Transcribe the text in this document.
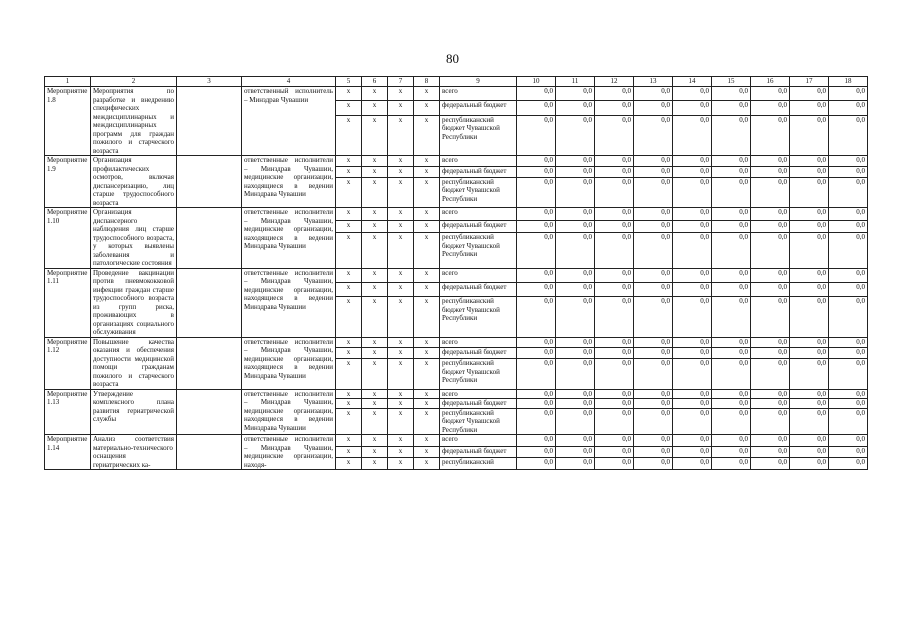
80
1	2	3	4	5	6	7	8	9	10	11	12	13	14	15	16	17	18
Мероприятие 1.8	Мероприятия по разработке и внедрению специфических междисциплинарных и междисциплинарных программ для граждан пожилого и старческого возраста		ответственный исполнитель – Минздрав Чувашии	x	x	x	x	всего	0,0	0,0	0,0	0,0	0,0	0,0	0,0	0,0	0,0
				x	x	x	x	федеральный бюджет	0,0	0,0	0,0	0,0	0,0	0,0	0,0	0,0	0,0
				x	x	x	x	республиканский бюджет Чувашской Республики	0,0	0,0	0,0	0,0	0,0	0,0	0,0	0,0	0,0
Мероприятие 1.9	Организация профилактических осмотров, включая диспансеризацию, лиц старше трудоспособного возраста		ответственные исполнители – Минздрав Чувашии, медицинские организации, находящиеся в ведении Минздрава Чувашии	x	x	x	x	всего	0,0	0,0	0,0	0,0	0,0	0,0	0,0	0,0	0,0
				x	x	x	x	федеральный бюджет	0,0	0,0	0,0	0,0	0,0	0,0	0,0	0,0	0,0
				x	x	x	x	республиканский бюджет Чувашской Республики	0,0	0,0	0,0	0,0	0,0	0,0	0,0	0,0	0,0
Мероприятие 1.10	Организация диспансерного наблюдения лиц старше трудоспособного возраста, у которых выявлены заболевания и патологические состояния		ответственные исполнители – Минздрав Чувашии, медицинские организации, находящиеся в ведении Минздрава Чувашии	x	x	x	x	всего	0,0	0,0	0,0	0,0	0,0	0,0	0,0	0,0	0,0
				x	x	x	x	федеральный бюджет	0,0	0,0	0,0	0,0	0,0	0,0	0,0	0,0	0,0
				x	x	x	x	республиканский бюджет Чувашской Республики	0,0	0,0	0,0	0,0	0,0	0,0	0,0	0,0	0,0
Мероприятие 1.11	Проведение вакцинации против пневмококковой инфекции граждан старше трудоспособного возраста из групп риска, проживающих в организациях социального обслуживания		ответственные исполнители – Минздрав Чувашии, медицинские организации, находящиеся в ведении Минздрава Чувашии	x	x	x	x	всего	0,0	0,0	0,0	0,0	0,0	0,0	0,0	0,0	0,0
				x	x	x	x	федеральный бюджет	0,0	0,0	0,0	0,0	0,0	0,0	0,0	0,0	0,0
				x	x	x	x	республиканский бюджет Чувашской Республики	0,0	0,0	0,0	0,0	0,0	0,0	0,0	0,0	0,0
Мероприятие 1.12	Повышение качества оказания и обеспечения доступности медицинской помощи гражданам пожилого и старческого возраста		ответственные исполнители – Минздрав Чувашии, медицинские организации, находящиеся в ведении Минздрава Чувашии	x	x	x	x	всего	0,0	0,0	0,0	0,0	0,0	0,0	0,0	0,0	0,0
				x	x	x	x	федеральный бюджет	0,0	0,0	0,0	0,0	0,0	0,0	0,0	0,0	0,0
				x	x	x	x	республиканский бюджет Чувашской Республики	0,0	0,0	0,0	0,0	0,0	0,0	0,0	0,0	0,0
Мероприятие 1.13	Утверждение комплексного плана развития гериатрической службы		ответственные исполнители – Минздрав Чувашии, медицинские организации, находящиеся в ведении Минздрава Чувашии	x	x	x	x	всего	0,0	0,0	0,0	0,0	0,0	0,0	0,0	0,0	0,0
				x	x	x	x	федеральный бюджет	0,0	0,0	0,0	0,0	0,0	0,0	0,0	0,0	0,0
				x	x	x	x	республиканский бюджет Чувашской Республики	0,0	0,0	0,0	0,0	0,0	0,0	0,0	0,0	0,0
Мероприятие 1.14	Анализ соответствия материально-технического оснащения гериатрических ка-		ответственные исполнители – Минздрав Чувашии, медицинские организации, находя-	x	x	x	x	всего	0,0	0,0	0,0	0,0	0,0	0,0	0,0	0,0	0,0
				x	x	x	x	федеральный бюджет	0,0	0,0	0,0	0,0	0,0	0,0	0,0	0,0	0,0
				x	x	x	x	республиканский	0,0	0,0	0,0	0,0	0,0	0,0	0,0	0,0	0,0
